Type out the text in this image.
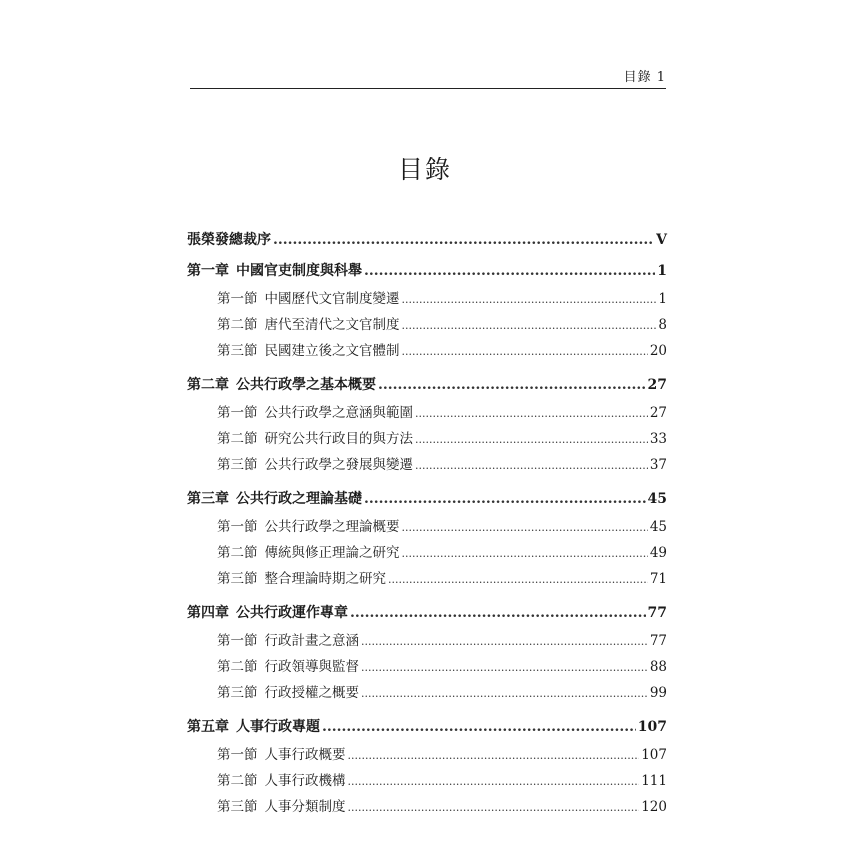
目錄 1
目錄
張榮發總裁序 .....	V
第一章 中國官吏制度與科舉 .....	1
第一節 中國歷代文官制度變遷 .....	1
第二節 唐代至清代之文官制度 .....	8
第三節 民國建立後之文官體制 .....	20
第二章 公共行政學之基本概要 .....	27
第一節 公共行政學之意涵與範圍 .....	27
第二節 研究公共行政目的與方法 .....	33
第三節 公共行政學之發展與變遷 .....	37
第三章 公共行政之理論基礎 .....	45
第一節 公共行政學之理論概要 .....	45
第二節 傳統與修正理論之研究 .....	49
第三節 整合理論時期之研究 .....	71
第四章 公共行政運作專章 .....	77
第一節 行政計畫之意涵 .....	77
第二節 行政領導與監督 .....	88
第三節 行政授權之概要 .....	99
第五章 人事行政專題 .....	107
第一節 人事行政概要 .....	107
第二節 人事行政機構 .....	111
第三節 人事分類制度 .....	120
